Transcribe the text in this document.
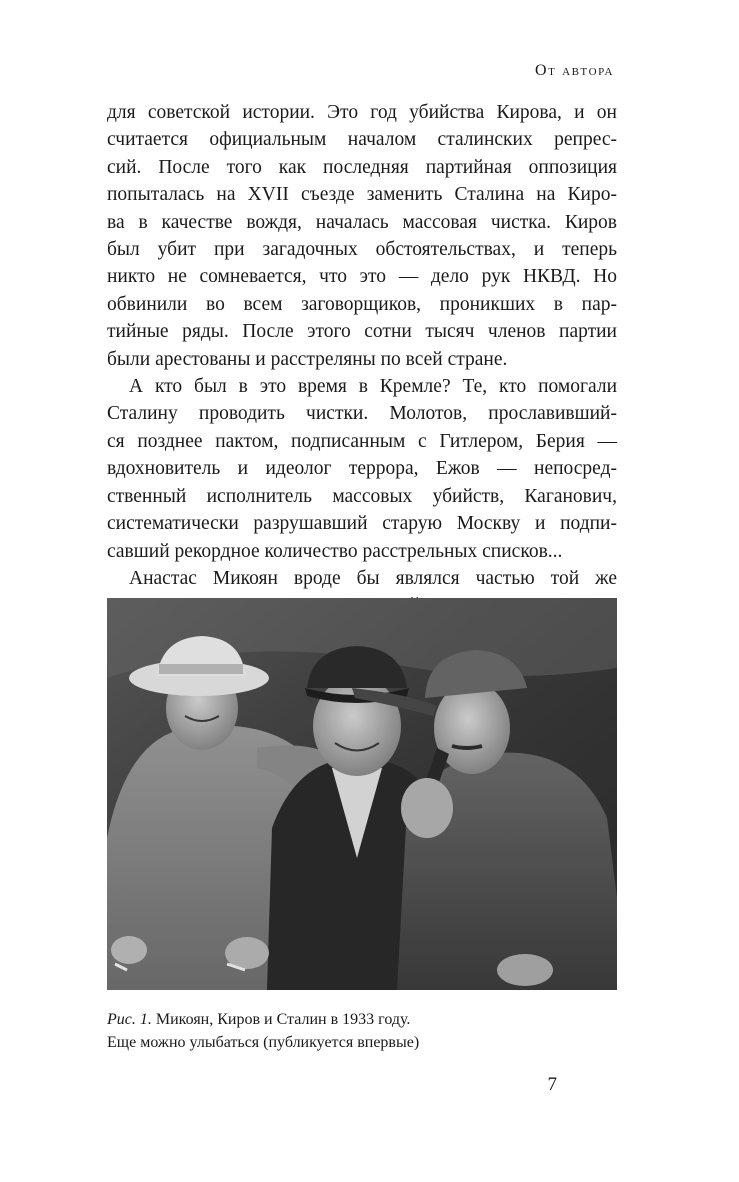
От автора
для советской истории. Это год убийства Кирова, и он
считается официальным началом сталинских репрес-
сий. После того как последняя партийная оппозиция
попыталась на XVII съезде заменить Сталина на Киро-
ва в качестве вождя, началась массовая чистка. Киров
был убит при загадочных обстоятельствах, и теперь
никто не сомневается, что это — дело рук НКВД. Но
обвинили во всем заговорщиков, проникших в пар-
тийные ряды. После этого сотни тысяч членов партии
были арестованы и расстреляны по всей стране.
А кто был в это время в Кремле? Те, кто помогали
Сталину проводить чистки. Молотов, прославивший-
ся позднее пактом, подписанным с Гитлером, Берия —
вдохновитель и идеолог террора, Ежов — непосред-
ственный исполнитель массовых убийств, Каганович,
систематически разрушавший старую Москву и подпи-
савший рекордное количество расстрельных списков...
Анастас Микоян вроде бы являлся частью той же
Рис. 1. Микоян, Киров и Сталин в 1933 году.
Еще можно улыбаться (публикуется впервые)
7
